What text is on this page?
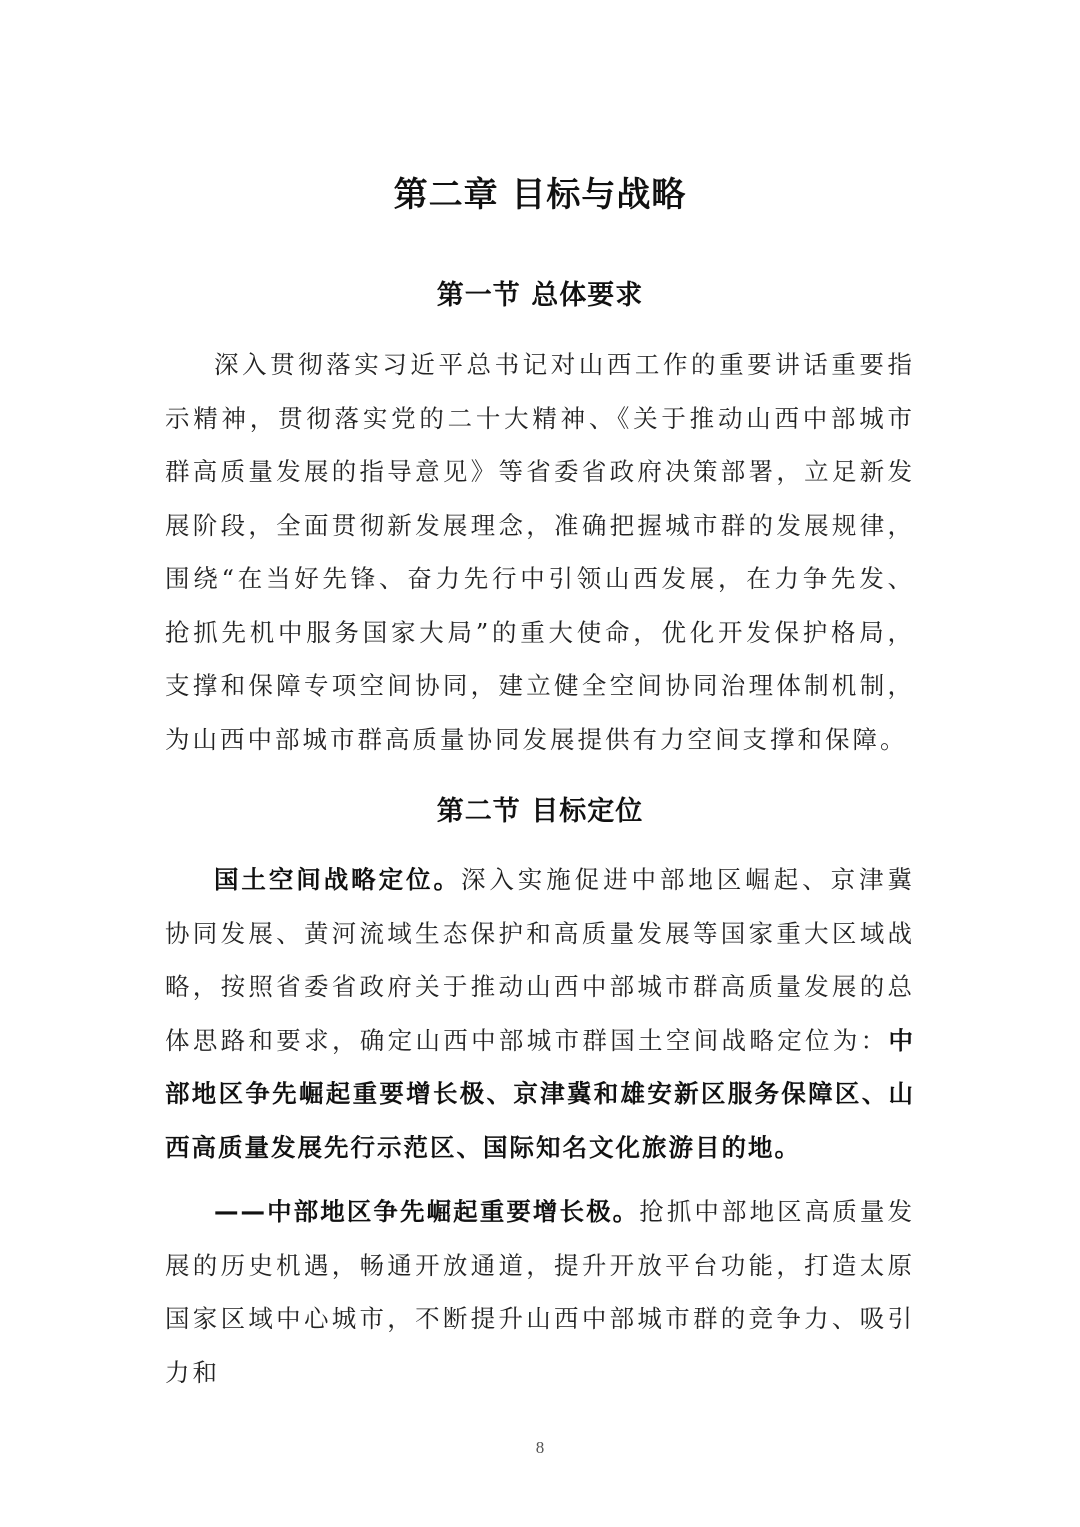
第二章 目标与战略
第一节 总体要求

深入贯彻落实习近平总书记对山西工作的重要讲话重要指示精神，贯彻落实党的二十大精神、《关于推动山西中部城市群高质量发展的指导意见》等省委省政府决策部署，立足新发展阶段，全面贯彻新发展理念，准确把握城市群的发展规律，围绕“在当好先锋、奋力先行中引领山西发展，在力争先发、抢抓先机中服务国家大局”的重大使命，优化开发保护格局，支撑和保障专项空间协同，建立健全空间协同治理体制机制，为山西中部城市群高质量协同发展提供有力空间支撑和保障。

第二节 目标定位

国土空间战略定位。深入实施促进中部地区崛起、京津冀协同发展、黄河流域生态保护和高质量发展等国家重大区域战略，按照省委省政府关于推动山西中部城市群高质量发展的总体思路和要求，确定山西中部城市群国土空间战略定位为：中部地区争先崛起重要增长极、京津冀和雄安新区服务保障区、山西高质量发展先行示范区、国际知名文化旅游目的地。

——中部地区争先崛起重要增长极。抢抓中部地区高质量发展的历史机遇，畅通开放通道，提升开放平台功能，打造太原国家区域中心城市，不断提升山西中部城市群的竞争力、吸引力和

8
